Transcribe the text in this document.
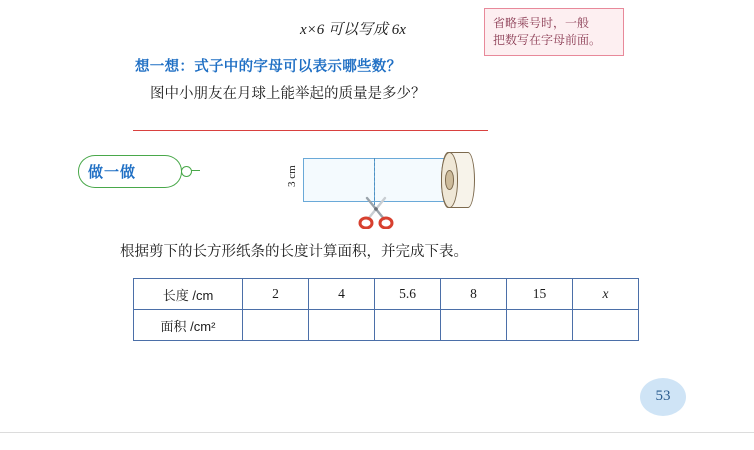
x×6 可以写成 6x	省略乘号时，一般
把数写在字母前面。
想一想：式子中的字母可以表示哪些数？
图中小朋友在月球上能举起的质量是多少？
做一做	3 cm
根据剪下的长方形纸条的长度计算面积，并完成下表。
长度 /cm	2	4	5.6	8	15	x
面积 /cm²						
53
